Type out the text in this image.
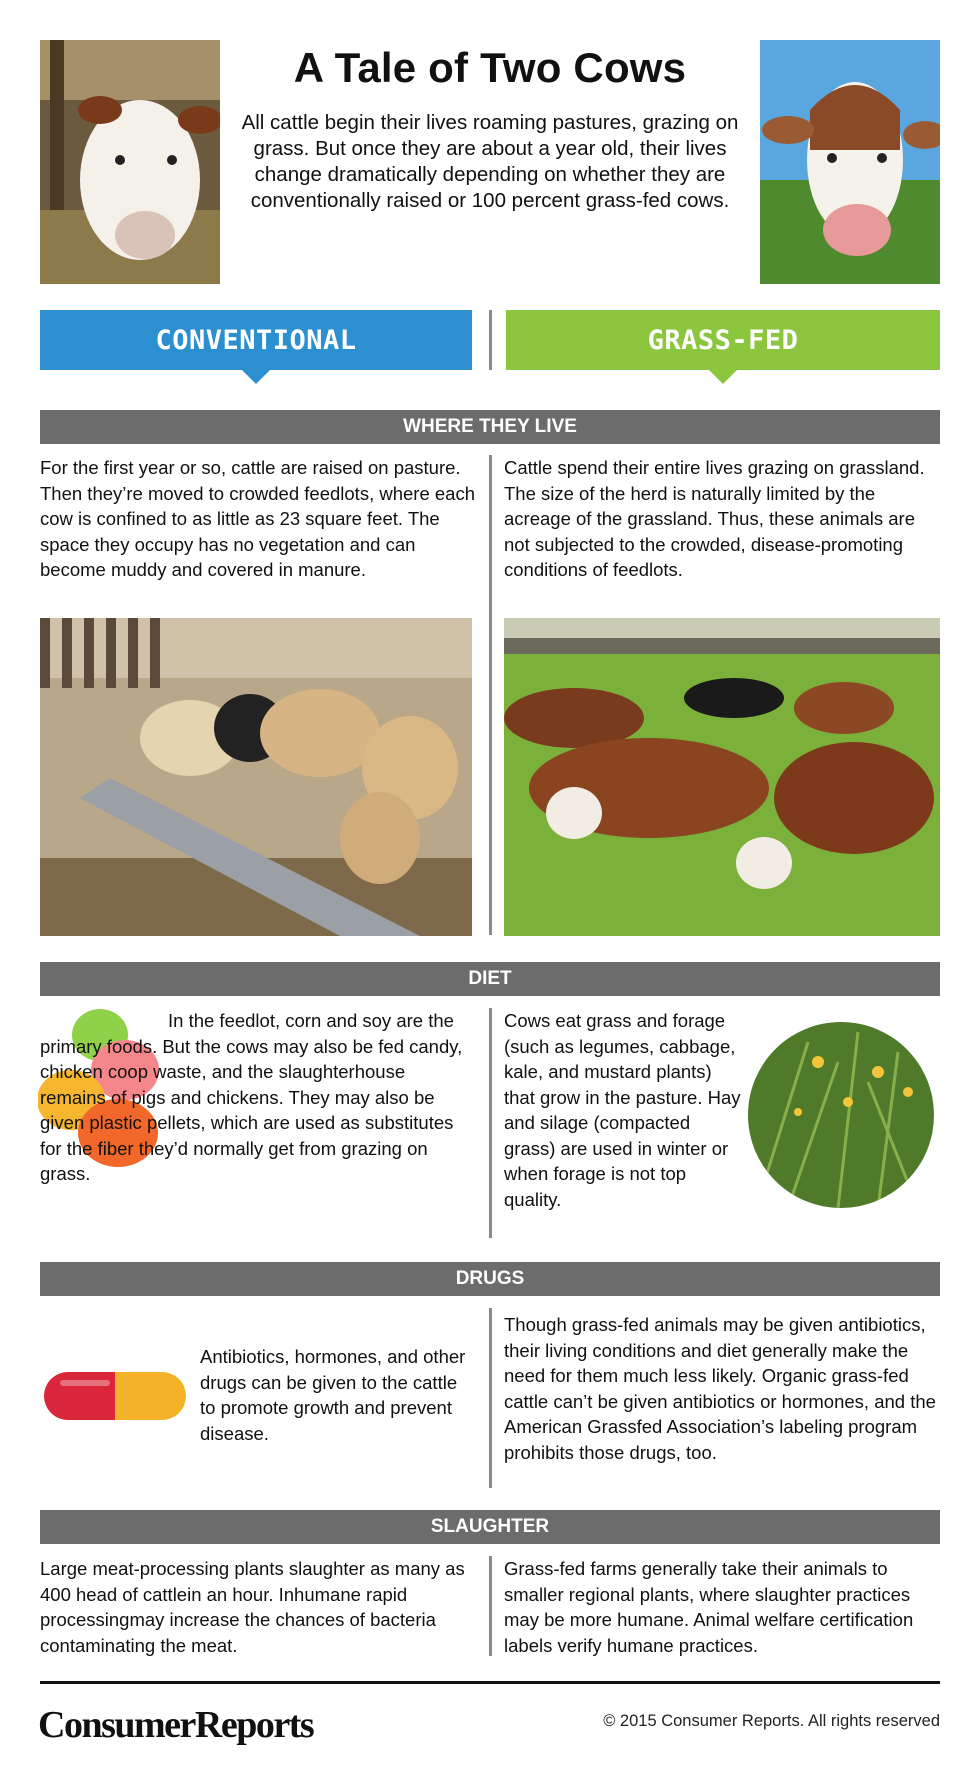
A Tale of Two Cows
All cattle begin their lives roaming pastures, grazing on grass. But once they are about a year old, their lives change dramatically depending on whether they are conventionally raised or 100 percent grass-fed cows.
CONVENTIONAL	GRASS-FED
WHERE THEY LIVE
For the first year or so, cattle are raised on pasture. Then they’re moved to crowded feedlots, where each cow is confined to as little as 23 square feet. The space they occupy has no vegetation and can become muddy and covered in manure.
Cattle spend their entire lives grazing on grassland. The size of the herd is naturally limited by the acreage of the grassland. Thus, these animals are not subjected to the crowded, disease-promoting conditions of feedlots.
DIET
In the feedlot, corn and soy are the primary foods. But the cows may also be fed candy, chicken coop waste, and the slaughterhouse remains of pigs and chickens. They may also be given plastic pellets, which are used as substitutes for the fiber they’d normally get from grazing on grass.
Cows eat grass and forage (such as legumes, cabbage, kale, and mustard plants) that grow in the pasture. Hay and silage (compacted grass) are used in winter or when forage is not top quality.
DRUGS
Antibiotics, hormones, and other drugs can be given to the cattle to promote growth and prevent disease.
Though grass-fed animals may be given antibiotics, their living conditions and diet generally make the need for them much less likely. Organic grass-fed cattle can’t be given antibiotics or hormones, and the American Grassfed Association’s labeling program prohibits those drugs, too.
SLAUGHTER
Large meat-processing plants slaughter as many as 400 head of cattlein an hour. Inhumane rapid processingmay increase the chances of bacteria contaminating the meat.
Grass-fed farms generally take their animals to smaller regional plants, where slaughter practices may be more humane. Animal welfare certification labels verify humane practices.
ConsumerReports	© 2015 Consumer Reports. All rights reserved
